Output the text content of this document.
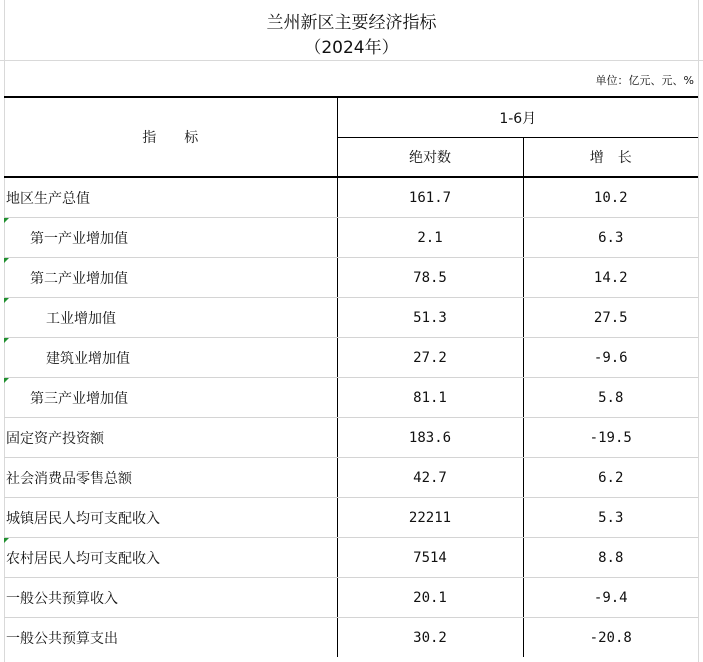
兰州新区主要经济指标
（2024年）
单位：亿元、元、%
指　　标	1-6月	
	绝对数	增　长
地区生产总值	161.7	10.2

第一产业增加值	2.1	6.3

第二产业增加值	78.5	14.2

工业增加值	51.3	27.5

建筑业增加值	27.2	-9.6

第三产业增加值	81.1	5.8
固定资产投资额	183.6	-19.5
社会消费品零售总额	42.7	6.2
城镇居民人均可支配收入	22211	5.3

农村居民人均可支配收入	7514	8.8
一般公共预算收入	20.1	-9.4
一般公共预算支出	30.2	-20.8
